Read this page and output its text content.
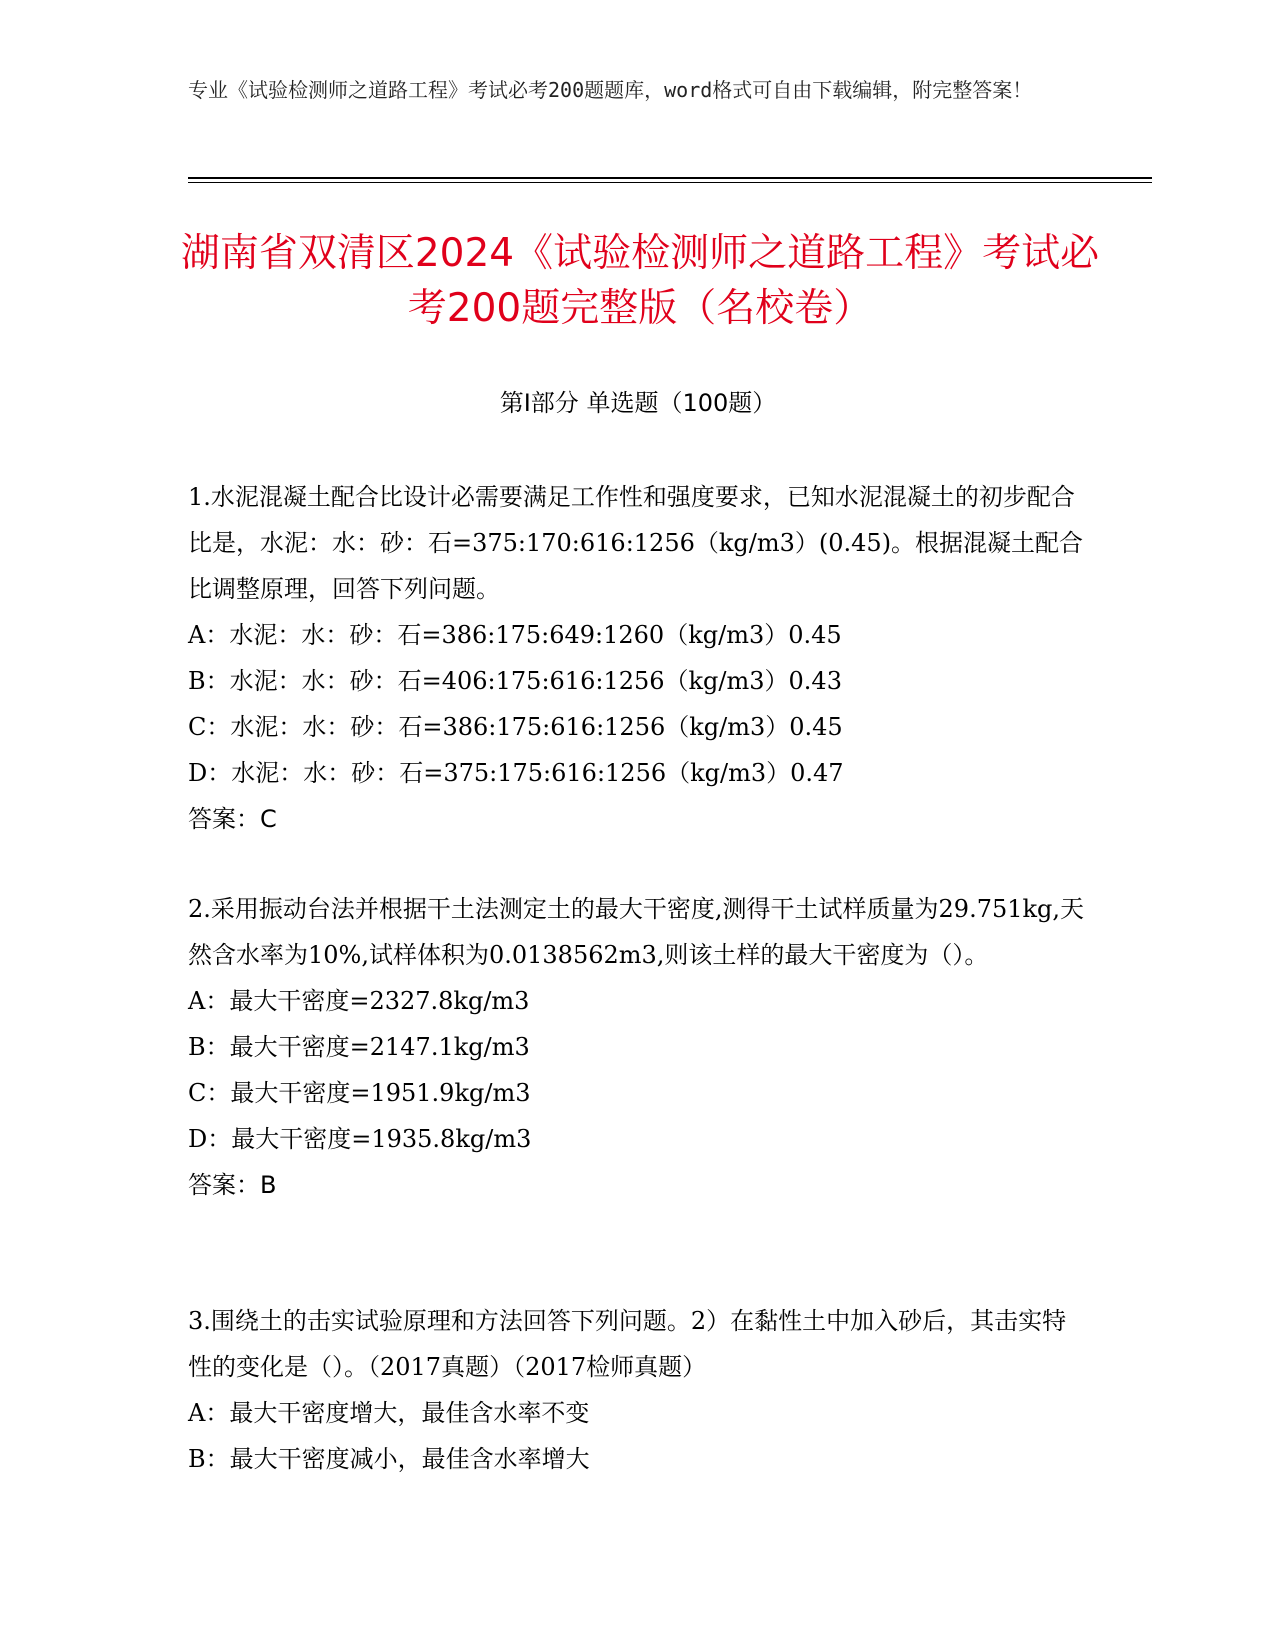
专业《试验检测师之道路工程》考试必考200题题库，word格式可自由下载编辑，附完整答案！
湖南省双清区2024《试验检测师之道路工程》考试必考200题完整版（名校卷）
第Ⅰ部分 单选题（100题）

1.水泥混凝土配合比设计必需要满足工作性和强度要求，已知水泥混凝土的初步配合比是，水泥：水：砂：石=375:170:616:1256（kg/m3）(0.45)。根据混凝土配合比调整原理，回答下列问题。

A：水泥：水：砂：石=386:175:649:1260（kg/m3）0.45

B：水泥：水：砂：石=406:175:616:1256（kg/m3）0.43

C：水泥：水：砂：石=386:175:616:1256（kg/m3）0.45

D：水泥：水：砂：石=375:175:616:1256（kg/m3）0.47

答案：C

2.采用振动台法并根据干土法测定土的最大干密度,测得干土试样质量为29.751kg,天然含水率为10%,试样体积为0.0138562m3,则该土样的最大干密度为（）。

A：最大干密度=2327.8kg/m3

B：最大干密度=2147.1kg/m3

C：最大干密度=1951.9kg/m3

D：最大干密度=1935.8kg/m3

答案：B

3.围绕土的击实试验原理和方法回答下列问题。2）在黏性土中加入砂后，其击实特性的变化是（）。（2017真题）（2017检师真题）

A：最大干密度增大，最佳含水率不变

B：最大干密度减小，最佳含水率增大
